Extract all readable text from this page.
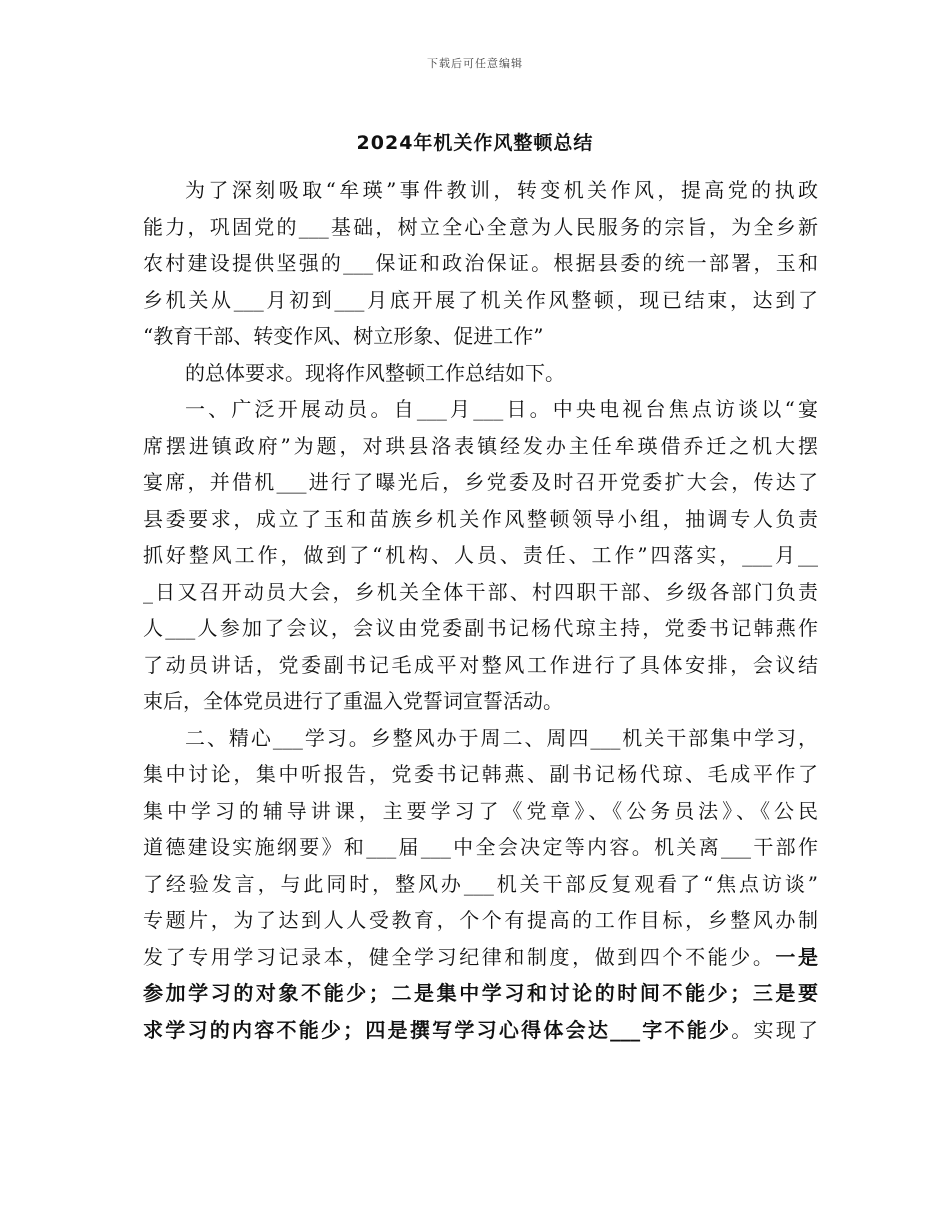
下载后可任意编辑
2024年机关作风整顿总结
为了深刻吸取“牟瑛”事件教训，转变机关作风，提高党的执政
能力，巩固党的___基础，树立全心全意为人民服务的宗旨，为全乡新
农村建设提供坚强的___保证和政治保证。根据县委的统一部署，玉和
乡机关从___月初到___月底开展了机关作风整顿，现已结束，达到了
“教育干部、转变作风、树立形象、促进工作”
的总体要求。现将作风整顿工作总结如下。
一、广泛开展动员。自___月___日。中央电视台焦点访谈以“宴
席摆进镇政府”为题，对珙县洛表镇经发办主任牟瑛借乔迁之机大摆
宴席，并借机___进行了曝光后，乡党委及时召开党委扩大会，传达了
县委要求，成立了玉和苗族乡机关作风整顿领导小组，抽调专人负责
抓好整风工作，做到了“机构、人员、责任、工作”四落实，___月__
_日又召开动员大会，乡机关全体干部、村四职干部、乡级各部门负责
人___人参加了会议，会议由党委副书记杨代琼主持，党委书记韩燕作
了动员讲话，党委副书记毛成平对整风工作进行了具体安排，会议结
束后，全体党员进行了重温入党誓词宣誓活动。
二、精心___学习。乡整风办于周二、周四___机关干部集中学习，
集中讨论，集中听报告，党委书记韩燕、副书记杨代琼、毛成平作了
集中学习的辅导讲课，主要学习了《党章》、《公务员法》、《公民
道德建设实施纲要》和___届___中全会决定等内容。机关离___干部作
了经验发言，与此同时，整风办___机关干部反复观看了“焦点访谈”
专题片，为了达到人人受教育，个个有提高的工作目标，乡整风办制
发了专用学习记录本，健全学习纪律和制度，做到四个不能少。一是
参加学习的对象不能少；二是集中学习和讨论的时间不能少；三是要
求学习的内容不能少；四是撰写学习心得体会达___字不能少。实现了
